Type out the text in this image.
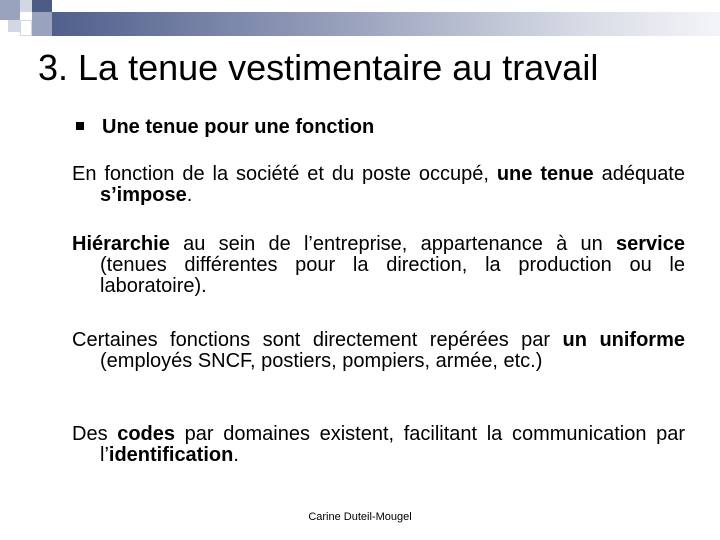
3. La tenue vestimentaire au travail
Une tenue pour une fonction
En fonction de la société et du poste occupé, une tenue adéquate s’impose.
Hiérarchie au sein de l’entreprise, appartenance à un service (tenues différentes pour la direction, la production ou le laboratoire).
Certaines fonctions sont directement repérées par un uniforme (employés SNCF, postiers, pompiers, armée, etc.)
Des codes par domaines existent, facilitant la communication par l’identification.
Carine Duteil-Mougel
